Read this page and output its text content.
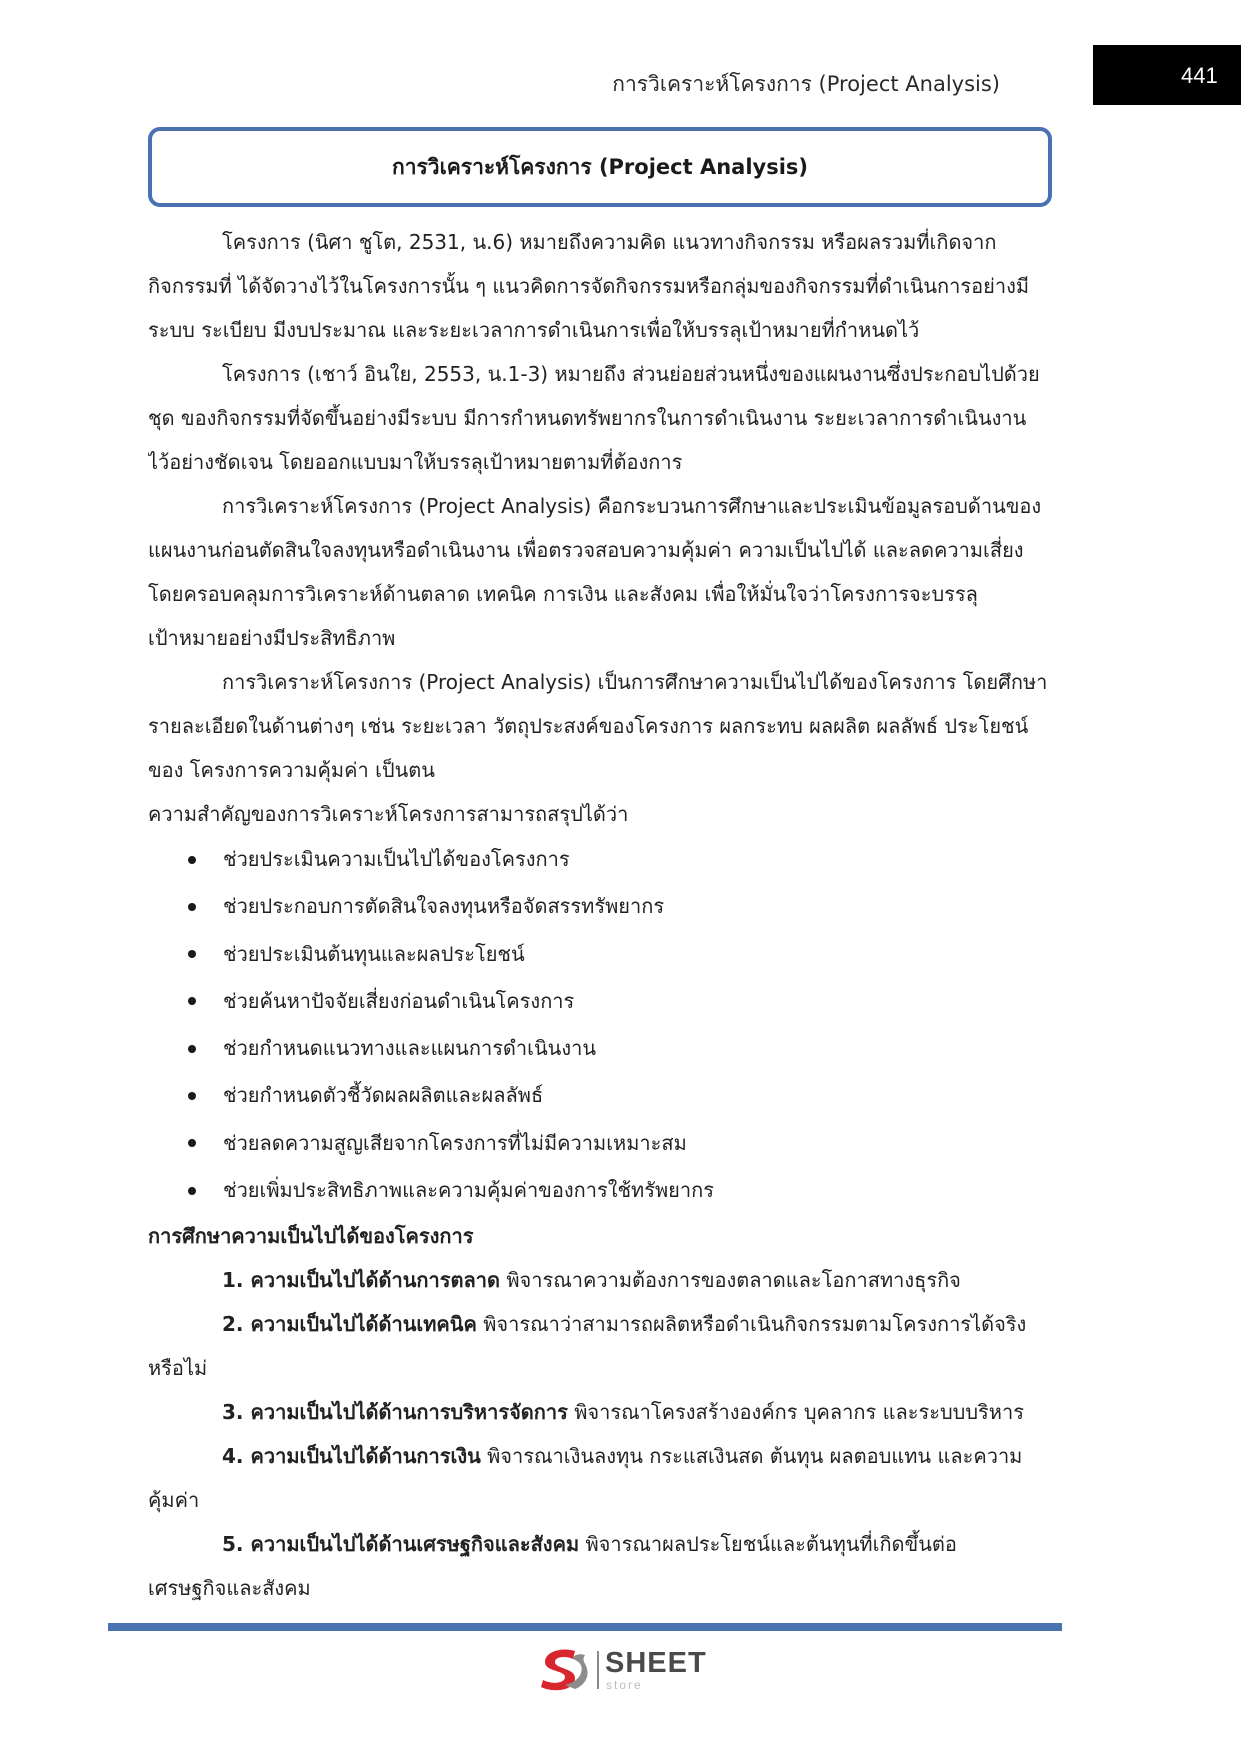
การวิเคราะห์โครงการ (Project Analysis)	441
การวิเคราะห์โครงการ (Project Analysis)
โครงการ (นิศา ชูโต, 2531, น.6) หมายถึงความคิด แนวทางกิจกรรม หรือผลรวมที่เกิดจาก
กิจกรรมที่ ได้จัดวางไว้ในโครงการนั้น ๆ แนวคิดการจัดกิจกรรมหรือกลุ่มของกิจกรรมที่ดำเนินการอย่างมี
ระบบ ระเบียบ มีงบประมาณ และระยะเวลาการดำเนินการเพื่อให้บรรลุเป้าหมายที่กำหนดไว้
โครงการ (เชาว์ อินใย, 2553, น.1-3) หมายถึง ส่วนย่อยส่วนหนึ่งของแผนงานซึ่งประกอบไปด้วย
ชุด ของกิจกรรมที่จัดขึ้นอย่างมีระบบ มีการกำหนดทรัพยากรในการดำเนินงาน ระยะเวลาการดำเนินงาน
ไว้อย่างชัดเจน โดยออกแบบมาให้บรรลุเป้าหมายตามที่ต้องการ
การวิเคราะห์โครงการ (Project Analysis) คือกระบวนการศึกษาและประเมินข้อมูลรอบด้านของ
แผนงานก่อนตัดสินใจลงทุนหรือดำเนินงาน เพื่อตรวจสอบความคุ้มค่า ความเป็นไปได้ และลดความเสี่ยง
โดยครอบคลุมการวิเคราะห์ด้านตลาด เทคนิค การเงิน และสังคม เพื่อให้มั่นใจว่าโครงการจะบรรลุ
เป้าหมายอย่างมีประสิทธิภาพ
การวิเคราะห์โครงการ (Project Analysis) เป็นการศึกษาความเป็นไปได้ของโครงการ โดยศึกษา
รายละเอียดในด้านต่างๆ เช่น ระยะเวลา วัตถุประสงค์ของโครงการ ผลกระทบ ผลผลิต ผลลัพธ์ ประโยชน์
ของ โครงการความคุ้มค่า เป็นตน
ความสำคัญของการวิเคราะห์โครงการสามารถสรุปได้ว่า
ช่วยประเมินความเป็นไปได้ของโครงการ
ช่วยประกอบการตัดสินใจลงทุนหรือจัดสรรทรัพยากร
ช่วยประเมินต้นทุนและผลประโยชน์
ช่วยค้นหาปัจจัยเสี่ยงก่อนดำเนินโครงการ
ช่วยกำหนดแนวทางและแผนการดำเนินงาน
ช่วยกำหนดตัวชี้วัดผลผลิตและผลลัพธ์
ช่วยลดความสูญเสียจากโครงการที่ไม่มีความเหมาะสม
ช่วยเพิ่มประสิทธิภาพและความคุ้มค่าของการใช้ทรัพยากร
การศึกษาความเป็นไปได้ของโครงการ
1. ความเป็นไปได้ด้านการตลาด พิจารณาความต้องการของตลาดและโอกาสทางธุรกิจ
2. ความเป็นไปได้ด้านเทคนิค พิจารณาว่าสามารถผลิตหรือดำเนินกิจกรรมตามโครงการได้จริง
หรือไม่
3. ความเป็นไปได้ด้านการบริหารจัดการ พิจารณาโครงสร้างองค์กร บุคลากร และระบบบริหาร
4. ความเป็นไปได้ด้านการเงิน พิจารณาเงินลงทุน กระแสเงินสด ต้นทุน ผลตอบแทน และความ
คุ้มค่า
5. ความเป็นไปได้ด้านเศรษฐกิจและสังคม พิจารณาผลประโยชน์และต้นทุนที่เกิดขึ้นต่อ
เศรษฐกิจและสังคม
SHEET
store
